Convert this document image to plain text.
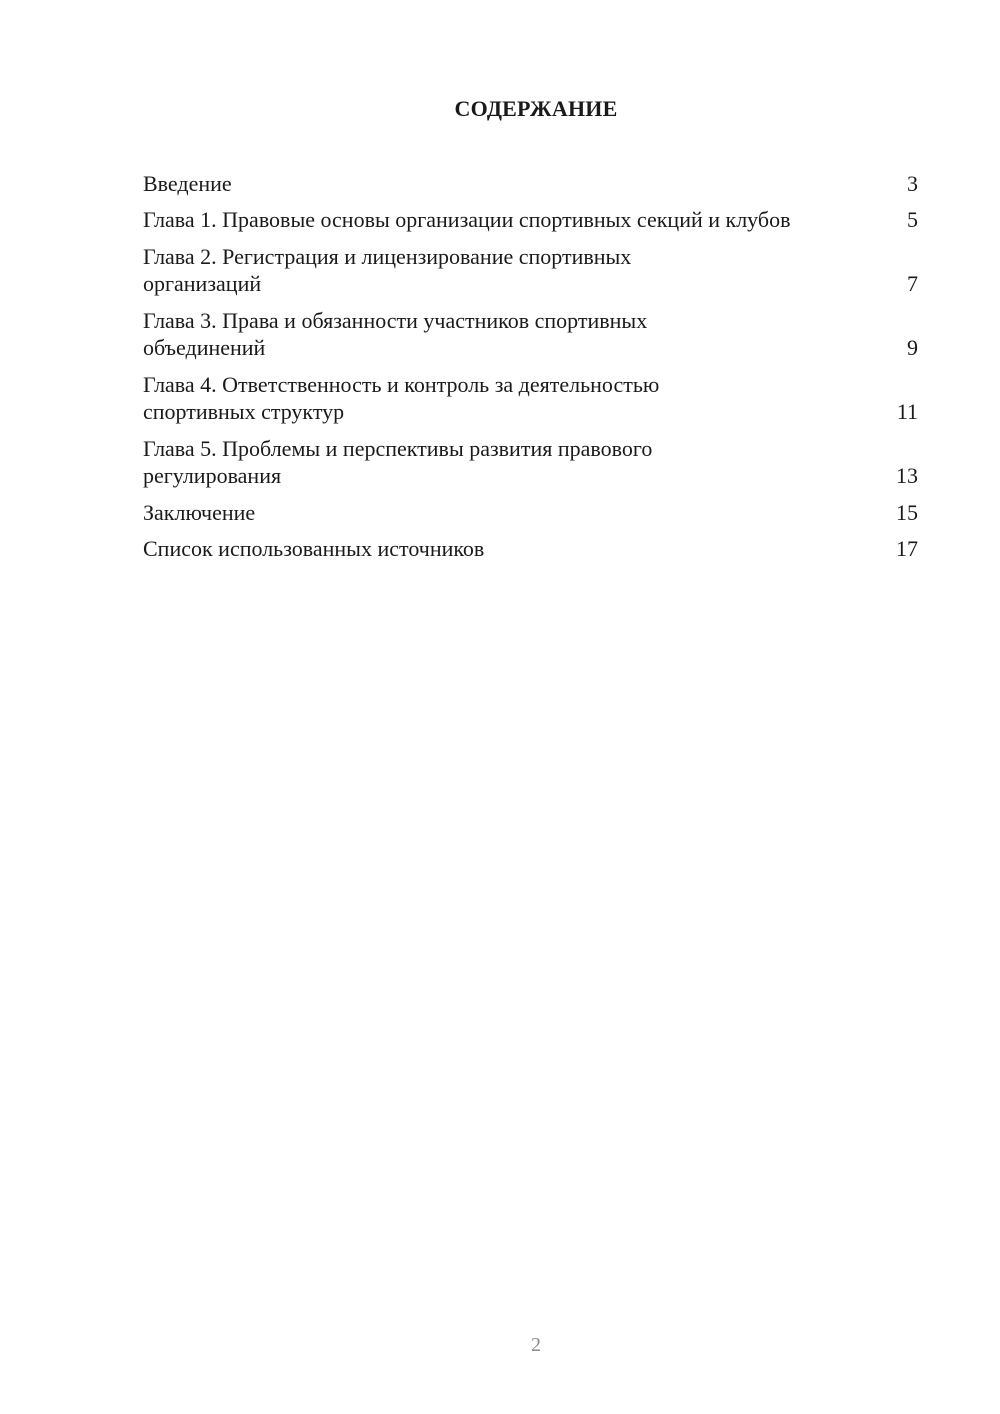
СОДЕРЖАНИЕ
Введение	3
Глава 1. Правовые основы организации спортивных секций и клубов	5
Глава 2. Регистрация и лицензирование спортивных организаций	7
Глава 3. Права и обязанности участников спортивных объединений	9
Глава 4. Ответственность и контроль за деятельностью спортивных структур	11
Глава 5. Проблемы и перспективы развития правового регулирования	13
Заключение	15
Список использованных источников	17
2
